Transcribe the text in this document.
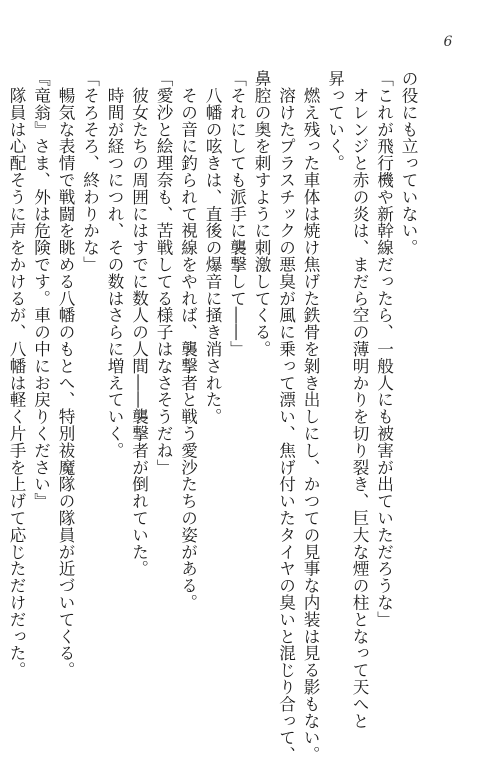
6
の役にも立っていない。
「これが飛行機や新幹線だったら、一般人にも被害が出ていただろうな」
　オレンジと赤の炎は、まだら空の薄明かりを切り裂き、巨大な煙の柱となって天へと
昇っていく。
　燃え残った車体は焼け焦げた鉄骨を剝き出しにし、かつての見事な内装は見る影もない。
　溶けたプラスチックの悪臭が風に乗って漂い、焦げ付いたタイヤの臭いと混じり合って、
鼻腔の奥を刺すように刺激してくる。
「それにしても派手に襲撃して――」
　八幡の呟きは、直後の爆音に掻き消された。
　その音に釣られて視線をやれば、襲撃者と戦う愛沙たちの姿がある。
「愛沙と絵理奈も、苦戦してる様子はなさそうだね」
　彼女たちの周囲にはすでに数人の人間――襲撃者が倒れていた。
　時間が経つにつれ、その数はさらに増えていく。
「そろそろ、終わりかな」
　暢気な表情で戦闘を眺める八幡のもとへ、特別祓魔隊の隊員が近づいてくる。
『竜翁』さま、外は危険です。車の中にお戻りください』
　隊員は心配そうに声をかけるが、八幡は軽く片手を上げて応じただけだった。
